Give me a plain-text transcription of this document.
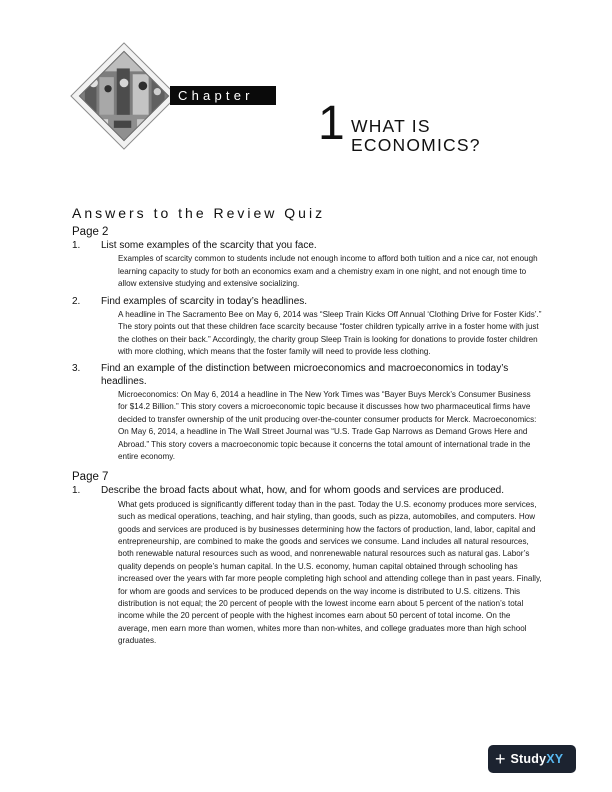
Chapter
1 WHAT IS
ECONOMICS?
Answers to the Review Quiz
Page 2
1.	List some examples of the scarcity that you face.
Examples of scarcity common to students include not enough income to afford both tuition and a nice car, not enough learning capacity to study for both an economics exam and a chemistry exam in one night, and not enough time to allow extensive studying and extensive socializing.
2.	Find examples of scarcity in today’s headlines.
A headline in The Sacramento Bee on May 6, 2014 was “Sleep Train Kicks Off Annual ‘Clothing Drive for Foster Kids’.” The story points out that these children face scarcity because “foster children typically arrive in a foster home with just the clothes on their back.” Accordingly, the charity group Sleep Train is looking for donations to provide foster children with more clothing, which means that the foster family will need to provide less clothing.
3.	Find an example of the distinction between microeconomics and macroeconomics in today’s headlines.
Microeconomics: On May 6, 2014 a headline in The New York Times was “Bayer Buys Merck’s Consumer Business for $14.2 Billion.” This story covers a microeconomic topic because it discusses how two pharmaceutical firms have decided to transfer ownership of the unit producing over-the-counter consumer products for Merck. Macroeconomics: On May 6, 2014, a headline in The Wall Street Journal was “U.S. Trade Gap Narrows as Demand Grows Here and Abroad.” This story covers a macroeconomic topic because it concerns the total amount of international trade in the entire economy.
Page 7
1.	Describe the broad facts about what, how, and for whom goods and services are produced.
What gets produced is significantly different today than in the past. Today the U.S. economy produces more services, such as medical operations, teaching, and hair styling, than goods, such as pizza, automobiles, and computers. How goods and services are produced is by businesses determining how the factors of production, land, labor, capital and entrepreneurship, are combined to make the goods and services we consume. Land includes all natural resources, both renewable natural resources such as wood, and nonrenewable natural resources such as natural gas. Labor’s quality depends on people’s human capital. In the U.S. economy, human capital obtained through schooling has increased over the years with far more people completing high school and attending college than in past years. Finally, for whom are goods and services to be produced depends on the way income is distributed to U.S. citizens. This distribution is not equal; the 20 percent of people with the lowest income earn about 5 percent of the nation’s total income while the 20 percent of people with the highest incomes earn about 50 percent of total income. On the average, men earn more than women, whites more than non-whites, and college graduates more than high school graduates.
+ StudyXY
